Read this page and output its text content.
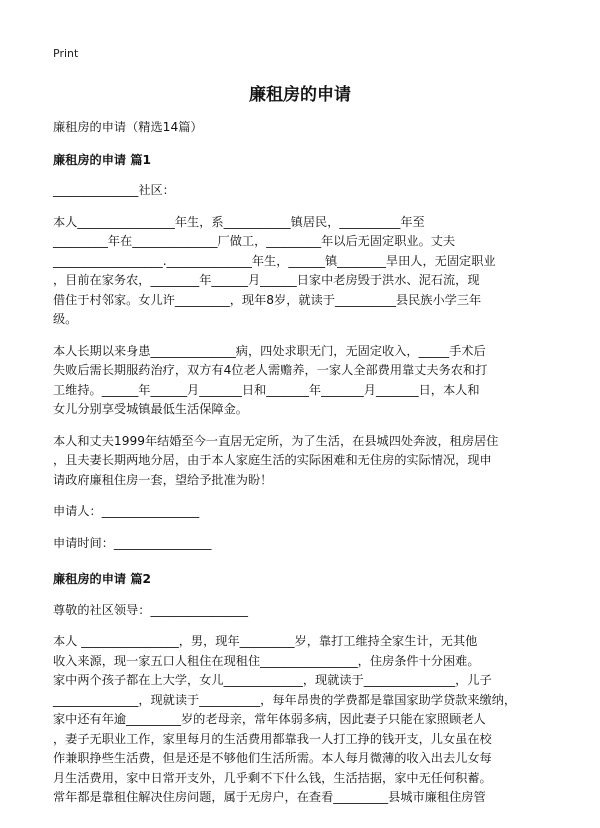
Print
廉租房的申请

廉租房的申请（精选14篇）

廉租房的申请 篇1

______________社区：

本人________________年生，系___________镇居民，__________年至

_________年在______________厂做工，_________年以后无固定职业。丈夫

__________________.______________年生，______镇________旱田人，无固定职业

，目前在家务农，________年______月______日家中老房毁于洪水、泥石流，现

借住于村邻家。女儿许_________，现年8岁，就读于__________县民族小学三年

级。

本人长期以来身患______________病，四处求职无门，无固定收入，_____手术后

失败后需长期服药治疗，双方有4位老人需赡养，一家人全部费用靠丈夫务农和打

工维持。______年______月_______日和_______年_______月_______日，本人和

女儿分别享受城镇最低生活保障金。

本人和丈夫1999年结婚至今一直居无定所，为了生活，在县城四处奔波，租房居住

，且夫妻长期两地分居，由于本人家庭生活的实际困难和无住房的实际情况，现申

请政府廉租住房一套，望给予批准为盼！

申请人：________________

申请时间：________________

廉租房的申请 篇2

尊敬的社区领导：________________

本人 ________________，男，现年_________岁，靠打工维持全家生计，无其他

收入来源，现一家五口人租住在现租住________________，住房条件十分困难。

家中两个孩子都在上大学，女儿_____________，现就读于_______________，儿子

______________，现就读于__________，每年昂贵的学费都是靠国家助学贷款来缴纳，

家中还有年逾_________岁的老母亲，常年体弱多病，因此妻子只能在家照顾老人

，妻子无职业工作，家里每月的生活费用都靠我一人打工挣的钱开支，儿女虽在校

作兼职挣些生活费，但是还是不够他们生活所需。本人每月微薄的收入出去儿女每

月生活费用，家中日常开支外，几乎剩不下什么钱，生活拮据，家中无任何积蓄。

常年都是靠租住解决住房问题，属于无房户，在查看_________县城市廉租住房管
